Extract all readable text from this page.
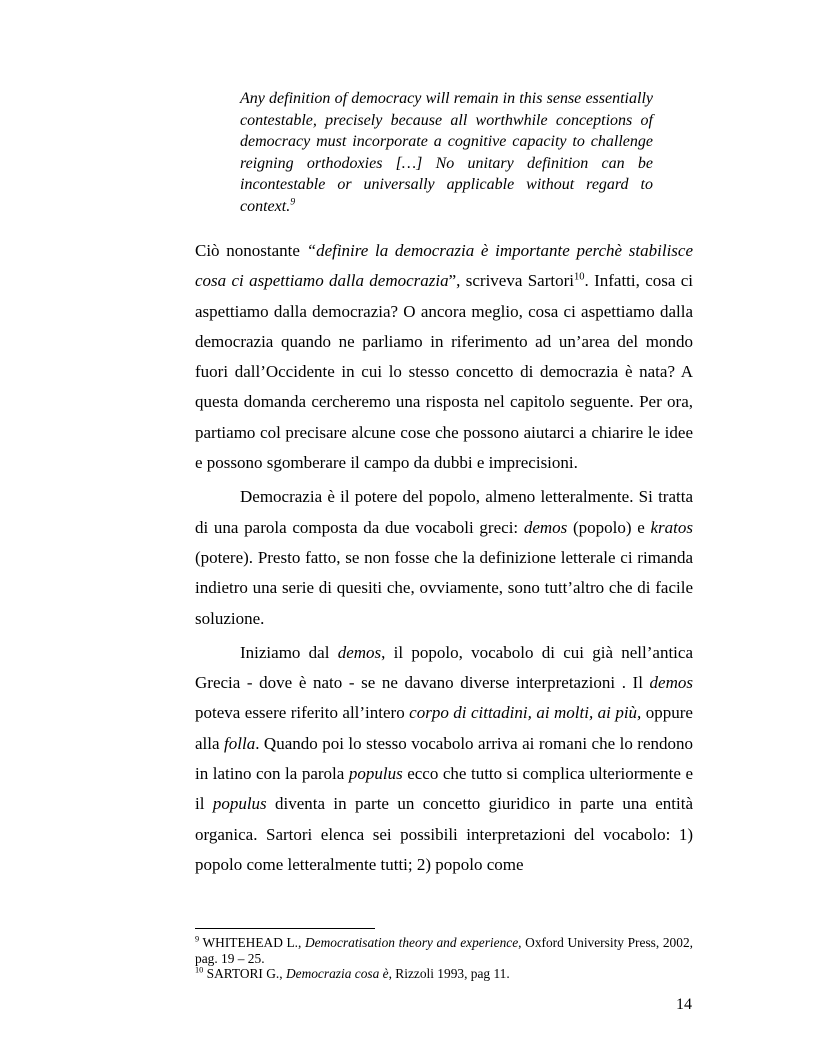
Any definition of democracy will remain in this sense essentially contestable, precisely because all worthwhile conceptions of democracy must incorporate a cognitive capacity to challenge reigning orthodoxies […] No unitary definition can be incontestable or universally applicable without regard to context.$^9$

Ciò nonostante “definire la democrazia è importante perchè stabilisce cosa ci aspettiamo dalla democrazia”, scriveva Sartori$^{10}$. Infatti, cosa ci aspettiamo dalla democrazia? O ancora meglio, cosa ci aspettiamo dalla democrazia quando ne parliamo in riferimento ad un’area del mondo fuori dall’Occidente in cui lo stesso concetto di democrazia è nata? A questa domanda cercheremo una risposta nel capitolo seguente. Per ora, partiamo col precisare alcune cose che possono aiutarci a chiarire le idee e possono sgomberare il campo da dubbi e imprecisioni.

Democrazia è il potere del popolo, almeno letteralmente. Si tratta di una parola composta da due vocaboli greci: demos (popolo) e kratos (potere). Presto fatto, se non fosse che la definizione letterale ci rimanda indietro una serie di quesiti che, ovviamente, sono tutt’altro che di facile soluzione.

Iniziamo dal demos, il popolo, vocabolo di cui già nell’antica Grecia - dove è nato - se ne davano diverse interpretazioni . Il demos poteva essere riferito all’intero corpo di cittadini, ai molti, ai più, oppure alla folla. Quando poi lo stesso vocabolo arriva ai romani che lo rendono in latino con la parola populus ecco che tutto si complica ulteriormente e il populus diventa in parte un concetto giuridico in parte una entità organica. Sartori elenca sei possibili interpretazioni del vocabolo: 1) popolo come letteralmente tutti; 2) popolo come

$^9$ WHITEHEAD L., Democratisation theory and experience, Oxford University Press, 2002, pag. 19 – 25.

$^{10}$ SARTORI G., Democrazia cosa è, Rizzoli 1993, pag 11.

14
